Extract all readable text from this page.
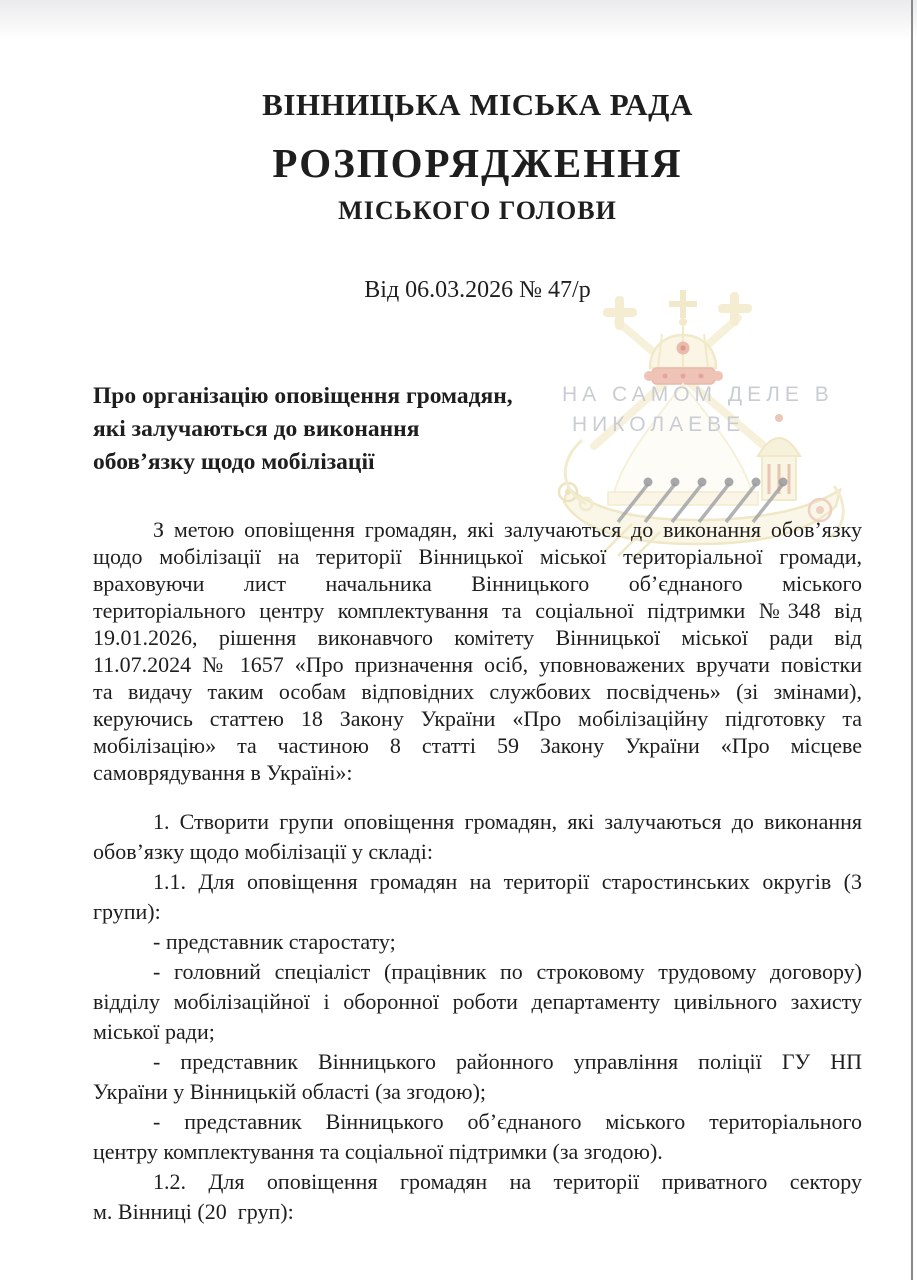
НА САМОМ ДЕЛЕ В
НИКОЛАЕВЕ
ВІННИЦЬКА МІСЬКА РАДА
РОЗПОРЯДЖЕННЯ
МІСЬКОГО ГОЛОВИ
Від 06.03.2026 № 47/р
Про організацію оповіщення громадян,
які залучаються до виконання
обов’язку щодо мобілізації
З метою оповіщення громадян, які залучаються до виконання обов’язку
щодо мобілізації на території Вінницької міської територіальної громади,
враховуючи лист начальника Вінницького об’єднаного міського
територіального центру комплектування та соціальної підтримки №348 від
19.01.2026, рішення виконавчого комітету Вінницької міської ради від
11.07.2024 № 1657 «Про призначення осіб, уповноважених вручати повістки
та видачу таким особам відповідних службових посвідчень» (зі змінами),
керуючись статтею 18 Закону України «Про мобілізаційну підготовку та
мобілізацію» та частиною 8 статті 59 Закону України «Про місцеве
самоврядування в Україні»:
1. Створити групи оповіщення громадян, які залучаються до виконання
обов’язку щодо мобілізації у складі:
1.1. Для оповіщення громадян на території старостинських округів (3
групи):
- представник старостату;
- головний спеціаліст (працівник по строковому трудовому договору)
відділу мобілізаційної і оборонної роботи департаменту цивільного захисту
міської ради;
- представник Вінницького районного управління поліції ГУ НП
України у Вінницькій області (за згодою);
- представник Вінницького об’єднаного міського територіального
центру комплектування та соціальної підтримки (за згодою).
1.2. Для оповіщення громадян на території приватного сектору
м. Вінниці (20  груп):
